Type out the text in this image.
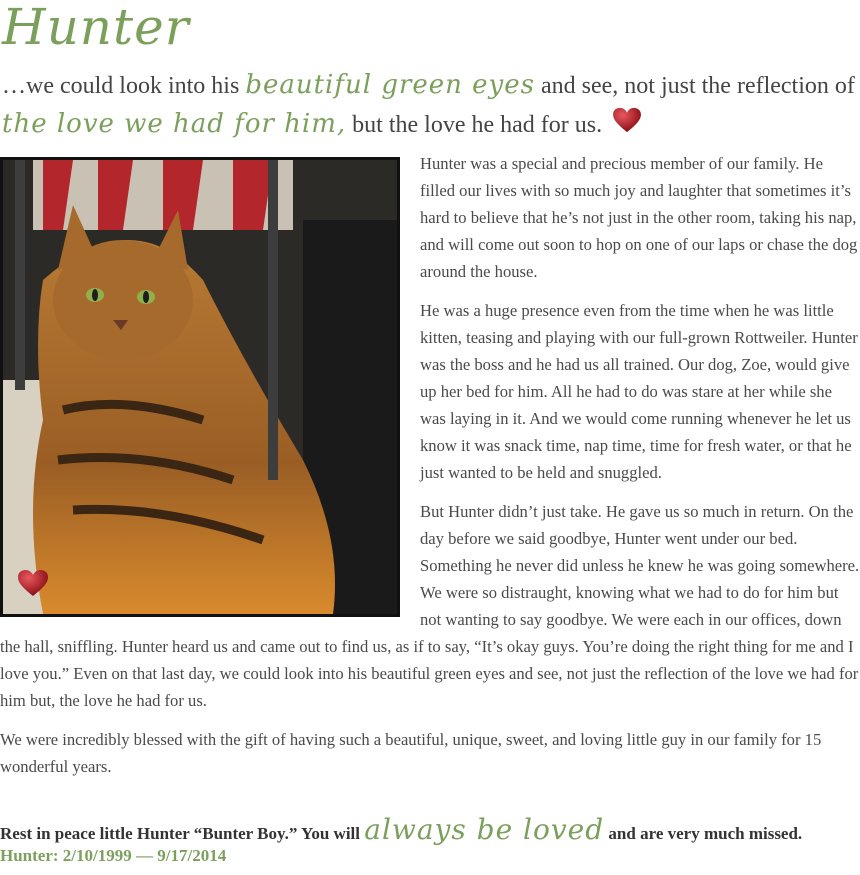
Hunter
…we could look into his beautiful green eyes and see, not just the reflection of the love we had for him, but the love he had for us.

Hunter was a special and precious member of our family. He filled our lives with so much joy and laughter that sometimes it’s hard to believe that he’s not just in the other room, taking his nap, and will come out soon to hop on one of our laps or chase the dog around the house.

He was a huge presence even from the time when he was little kitten, teasing and playing with our full-grown Rottweiler. Hunter was the boss and he had us all trained. Our dog, Zoe, would give up her bed for him. All he had to do was stare at her while she was laying in it. And we would come running whenever he let us know it was snack time, nap time, time for fresh water, or that he just wanted to be held and snuggled.

But Hunter didn’t just take. He gave us so much in return. On the day before we said goodbye, Hunter went under our bed. Something he never did unless he knew he was going somewhere. We were so distraught, knowing what we had to do for him but not wanting to say goodbye. We were each in our offices, down the hall, sniffling. Hunter heard us and came out to find us, as if to say, “It’s okay guys. You’re doing the right thing for me and I love you.” Even on that last day, we could look into his beautiful green eyes and see, not just the reflection of the love we had for him but, the love he had for us.

We were incredibly blessed with the gift of having such a beautiful, unique, sweet, and loving little guy in our family for 15 wonderful years.

Rest in peace little Hunter “Bunter Boy.” You will always be loved and are very much missed.
Hunter: 2/10/1999 — 9/17/2014
